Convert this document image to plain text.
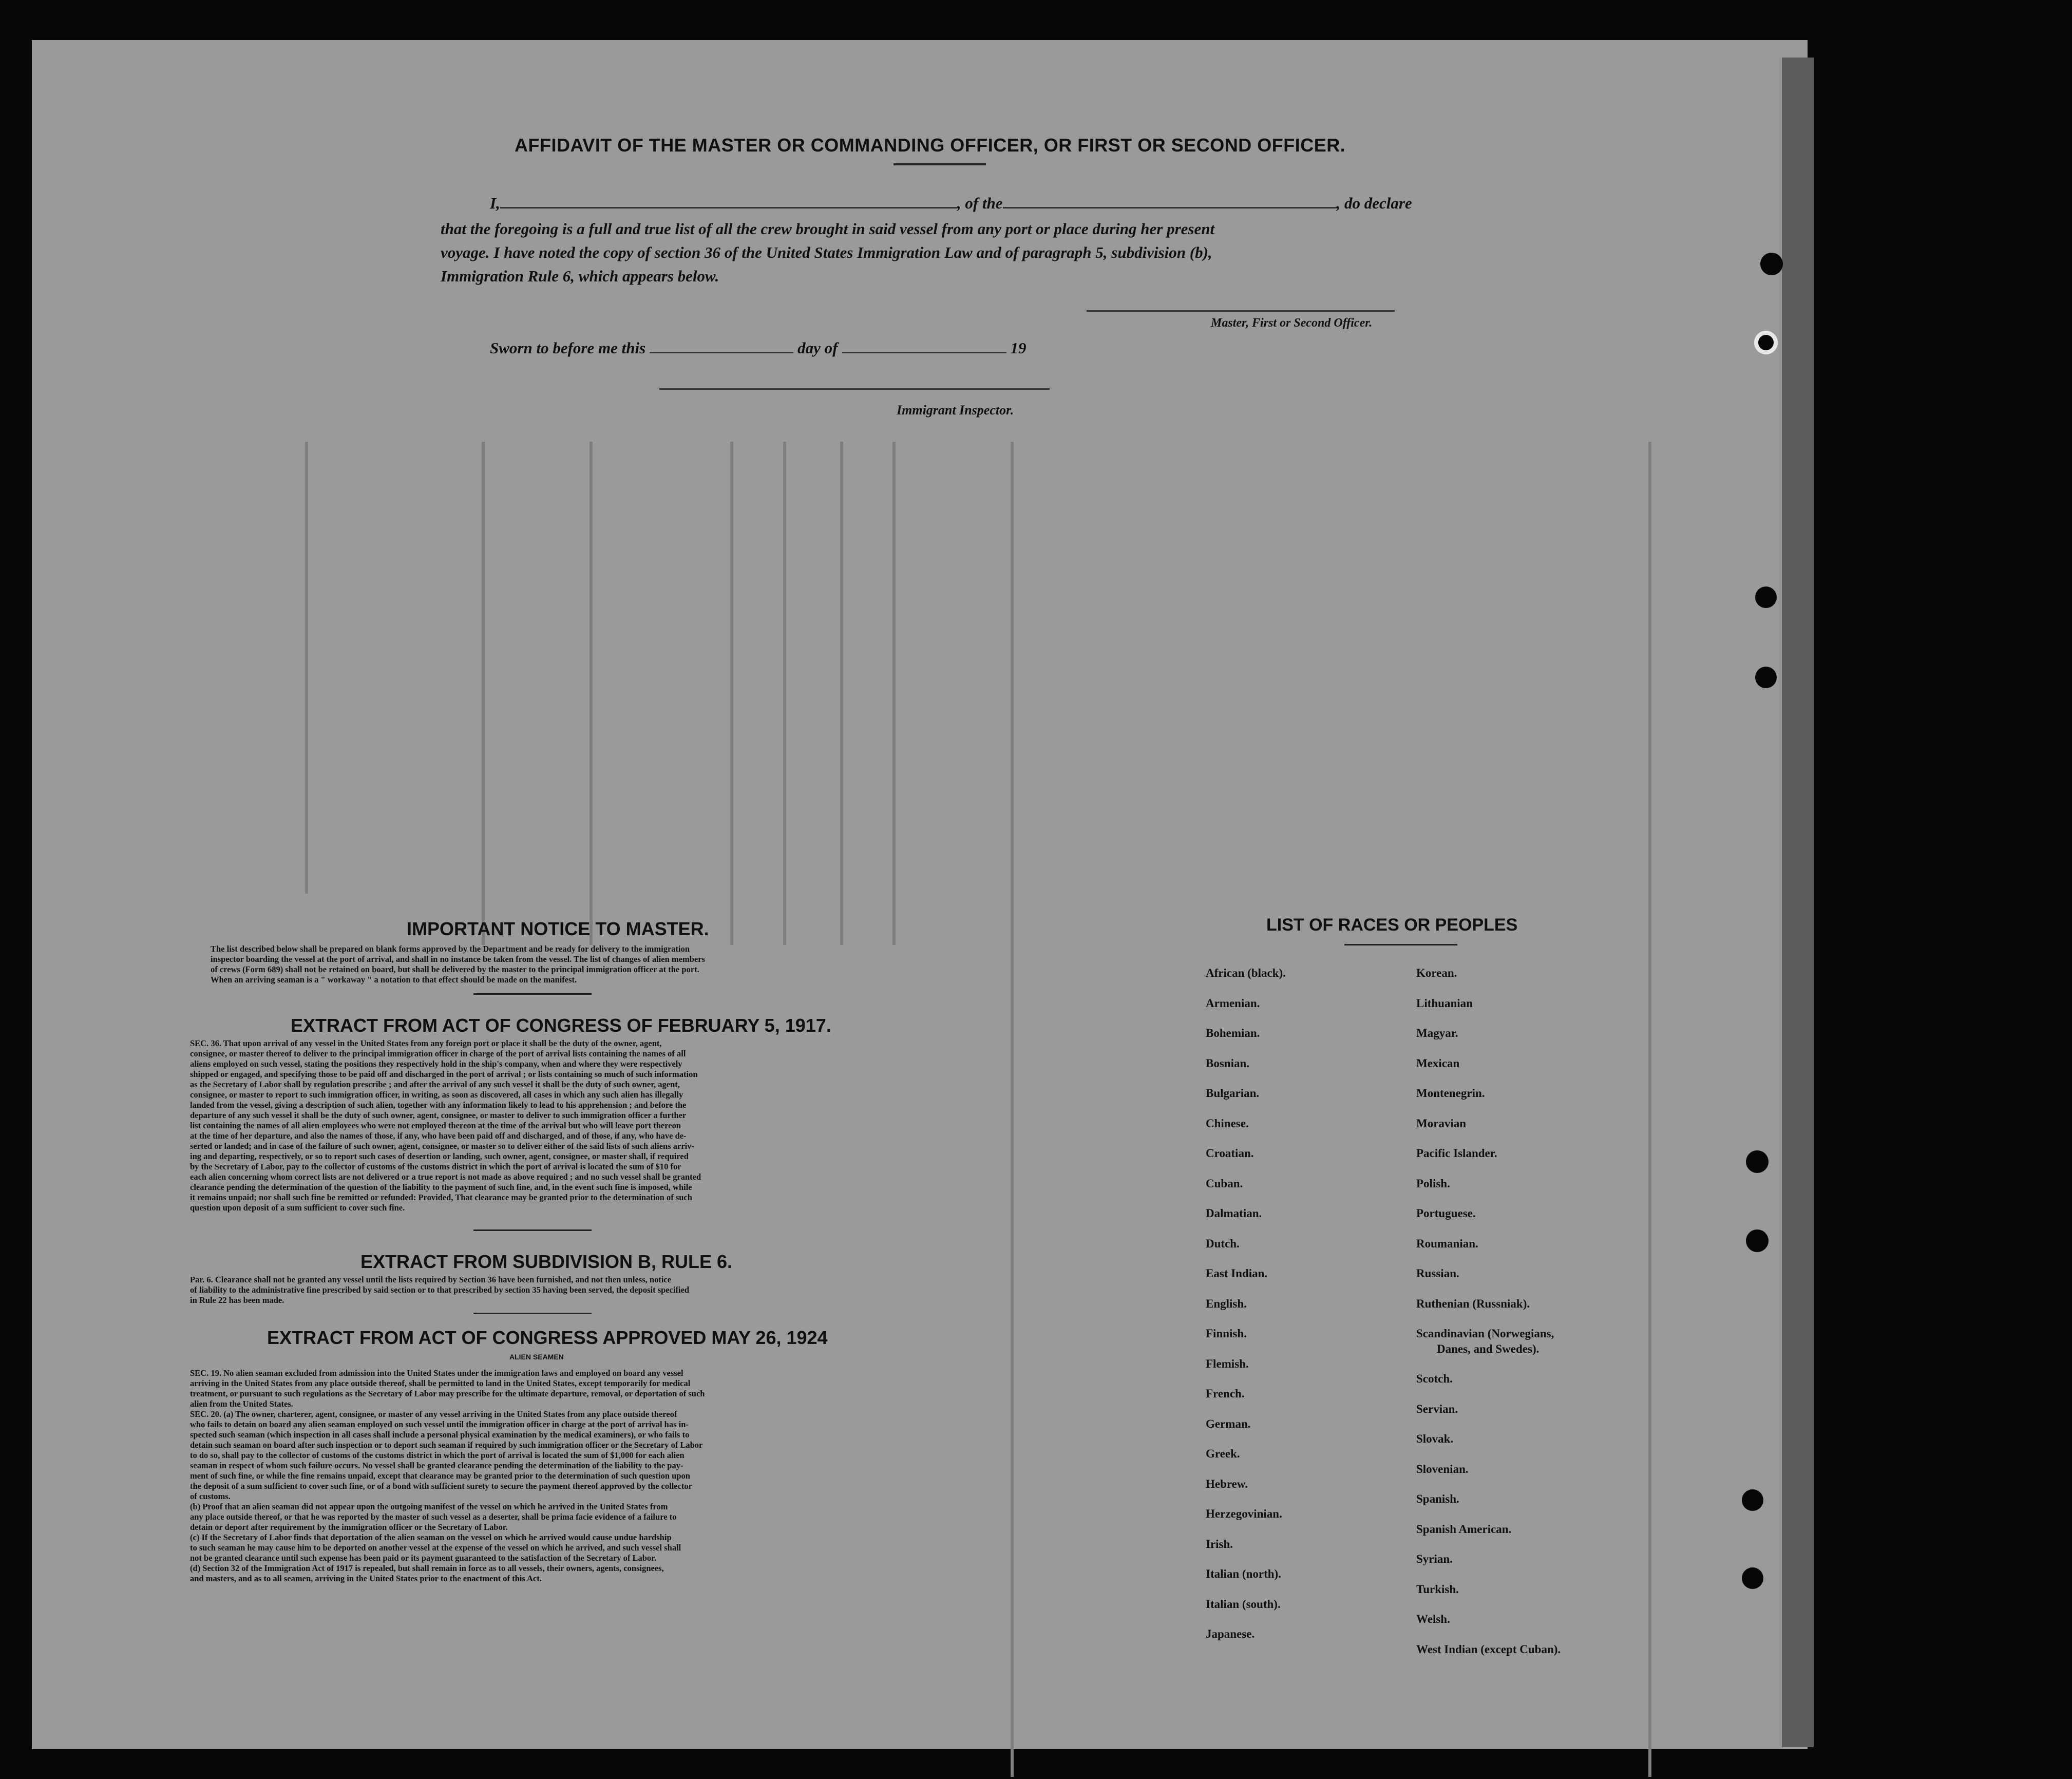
AFFIDAVIT OF THE MASTER OR COMMANDING OFFICER, OR FIRST OR SECOND OFFICER.
I,	, of the	, do declare
that the foregoing is a full and true list of all the crew brought in said vessel from any port or place during her present
voyage. I have noted the copy of section 36 of the United States Immigration Law and of paragraph 5, subdivision (b),
Immigration Rule 6, which appears below.
Master, First or Second Officer.
Sworn to before me this	day of	19
Immigrant Inspector.
IMPORTANT NOTICE TO MASTER.
The list described below shall be prepared on blank forms approved by the Department and be ready for delivery to the immigration
inspector boarding the vessel at the port of arrival, and shall in no instance be taken from the vessel. The list of changes of alien members
of crews (Form 689) shall not be retained on board, but shall be delivered by the master to the principal immigration officer at the port.
When an arriving seaman is a " workaway " a notation to that effect should be made on the manifest.
EXTRACT FROM ACT OF CONGRESS OF FEBRUARY 5, 1917.
SEC. 36. That upon arrival of any vessel in the United States from any foreign port or place it shall be the duty of the owner, agent,
consignee, or master thereof to deliver to the principal immigration officer in charge of the port of arrival lists containing the names of all
aliens employed on such vessel, stating the positions they respectively hold in the ship's company, when and where they were respectively
shipped or engaged, and specifying those to be paid off and discharged in the port of arrival ; or lists containing so much of such information
as the Secretary of Labor shall by regulation prescribe ; and after the arrival of any such vessel it shall be the duty of such owner, agent,
consignee, or master to report to such immigration officer, in writing, as soon as discovered, all cases in which any such alien has illegally
landed from the vessel, giving a description of such alien, together with any information likely to lead to his apprehension ; and before the
departure of any such vessel it shall be the duty of such owner, agent, consignee, or master to deliver to such immigration officer a further
list containing the names of all alien employees who were not employed thereon at the time of the arrival but who will leave port thereon
at the time of her departure, and also the names of those, if any, who have been paid off and discharged, and of those, if any, who have de-
serted or landed; and in case of the failure of such owner, agent, consignee, or master so to deliver either of the said lists of such aliens arriv-
ing and departing, respectively, or so to report such cases of desertion or landing, such owner, agent, consignee, or master shall, if required
by the Secretary of Labor, pay to the collector of customs of the customs district in which the port of arrival is located the sum of $10 for
each alien concerning whom correct lists are not delivered or a true report is not made as above required ; and no such vessel shall be granted
clearance pending the determination of the question of the liability to the payment of such fine, and, in the event such fine is imposed, while
it remains unpaid; nor shall such fine be remitted or refunded: Provided, That clearance may be granted prior to the determination of such
question upon deposit of a sum sufficient to cover such fine.
EXTRACT FROM SUBDIVISION B, RULE 6.
Par. 6. Clearance shall not be granted any vessel until the lists required by Section 36 have been furnished, and not then unless, notice
of liability to the administrative fine prescribed by said section or to that prescribed by section 35 having been served, the deposit specified
in Rule 22 has been made.
EXTRACT FROM ACT OF CONGRESS APPROVED MAY 26, 1924
ALIEN SEAMEN
SEC. 19. No alien seaman excluded from admission into the United States under the immigration laws and employed on board any vessel
arriving in the United States from any place outside thereof, shall be permitted to land in the United States, except temporarily for medical
treatment, or pursuant to such regulations as the Secretary of Labor may prescribe for the ultimate departure, removal, or deportation of such
alien from the United States.
SEC. 20. (a) The owner, charterer, agent, consignee, or master of any vessel arriving in the United States from any place outside thereof
who fails to detain on board any alien seaman employed on such vessel until the immigration officer in charge at the port of arrival has in-
spected such seaman (which inspection in all cases shall include a personal physical examination by the medical examiners), or who fails to
detain such seaman on board after such inspection or to deport such seaman if required by such immigration officer or the Secretary of Labor
to do so, shall pay to the collector of customs of the customs district in which the port of arrival is located the sum of $1,000 for each alien
seaman in respect of whom such failure occurs. No vessel shall be granted clearance pending the determination of the liability to the pay-
ment of such fine, or while the fine remains unpaid, except that clearance may be granted prior to the determination of such question upon
the deposit of a sum sufficient to cover such fine, or of a bond with sufficient surety to secure the payment thereof approved by the collector
of customs.
(b) Proof that an alien seaman did not appear upon the outgoing manifest of the vessel on which he arrived in the United States from
any place outside thereof, or that he was reported by the master of such vessel as a deserter, shall be prima facie evidence of a failure to
detain or deport after requirement by the immigration officer or the Secretary of Labor.
(c) If the Secretary of Labor finds that deportation of the alien seaman on the vessel on which he arrived would cause undue hardship
to such seaman he may cause him to be deported on another vessel at the expense of the vessel on which he arrived, and such vessel shall
not be granted clearance until such expense has been paid or its payment guaranteed to the satisfaction of the Secretary of Labor.
(d) Section 32 of the Immigration Act of 1917 is repealed, but shall remain in force as to all vessels, their owners, agents, consignees,
and masters, and as to all seamen, arriving in the United States prior to the enactment of this Act.
LIST OF RACES OR PEOPLES
African (black).
Armenian.
Bohemian.
Bosnian.
Bulgarian.
Chinese.
Croatian.
Cuban.
Dalmatian.
Dutch.
East Indian.
English.
Finnish.
Flemish.
French.
German.
Greek.
Hebrew.
Herzegovinian.
Irish.
Italian (north).
Italian (south).
Japanese.
Korean.
Lithuanian
Magyar.
Mexican
Montenegrin.
Moravian
Pacific Islander.
Polish.
Portuguese.
Roumanian.
Russian.
Ruthenian (Russniak).
Scandinavian (Norwegians,
Danes, and Swedes).
Scotch.
Servian.
Slovak.
Slovenian.
Spanish.
Spanish American.
Syrian.
Turkish.
Welsh.
West Indian (except Cuban).
